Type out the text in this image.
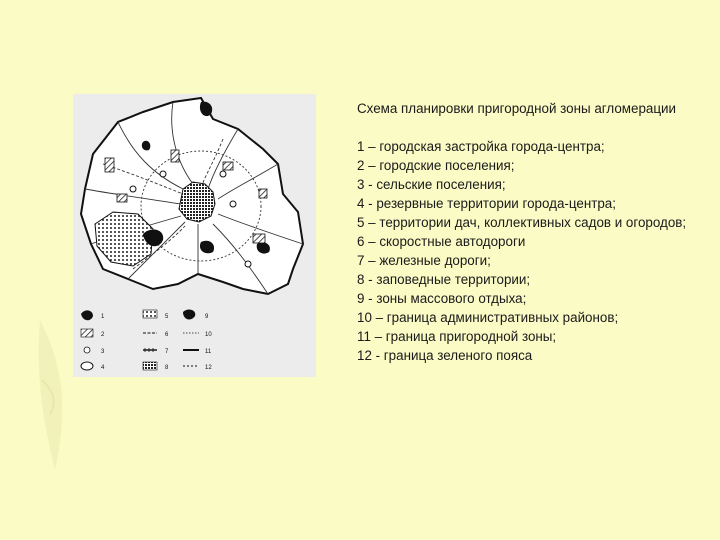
1
2
3
4
5
6
7
8
9
10
11
12

Схема планировки пригородной зоны агломерации

1 – городская застройка города-центра;
2 – городские поселения;
3 - сельские поселения;
4 - резервные территории города-центра;
5 – территории дач, коллективных садов и огородов;
6 – скоростные автодороги
7 – железные дороги;
8 - заповедные территории;
9 - зоны массового отдыха;
10 – граница административных районов;
11 – граница пригородной зоны;
12 - граница зеленого пояса
